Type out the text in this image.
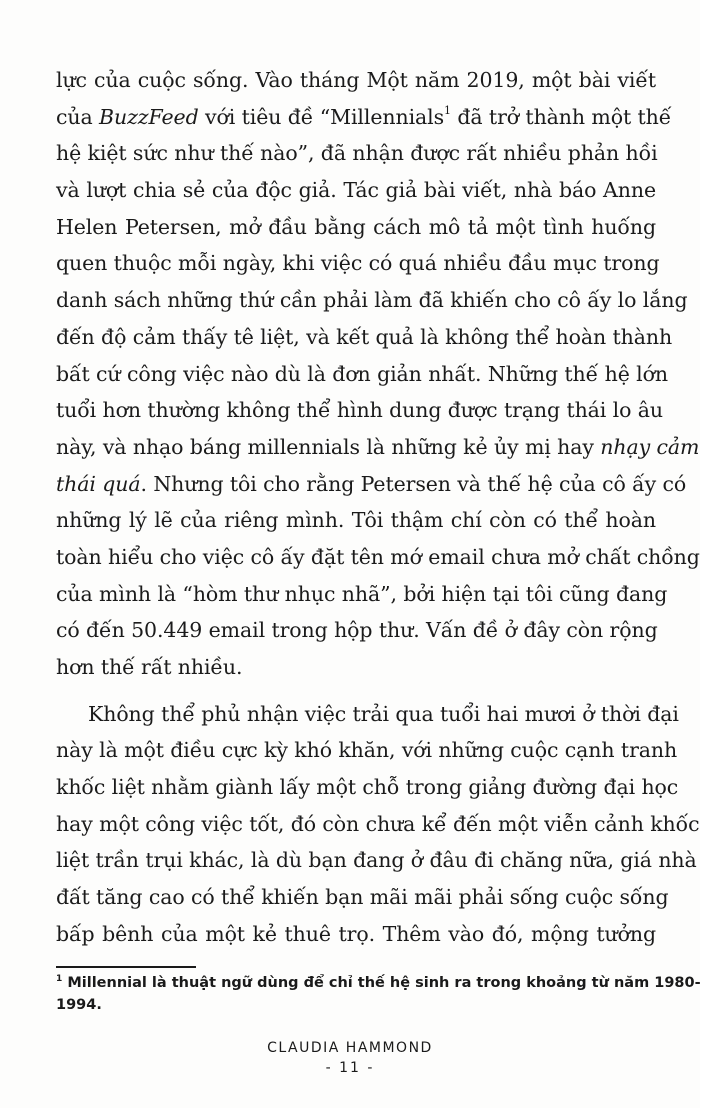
lực của cuộc sống. Vào tháng Một năm 2019, một bài viết
của BuzzFeed với tiêu đề “Millennials$^1$ đã trở thành một thế
hệ kiệt sức như thế nào”, đã nhận được rất nhiều phản hồi
và lượt chia sẻ của độc giả. Tác giả bài viết, nhà báo Anne
Helen Petersen, mở đầu bằng cách mô tả một tình huống
quen thuộc mỗi ngày, khi việc có quá nhiều đầu mục trong
danh sách những thứ cần phải làm đã khiến cho cô ấy lo lắng
đến độ cảm thấy tê liệt, và kết quả là không thể hoàn thành
bất cứ công việc nào dù là đơn giản nhất. Những thế hệ lớn
tuổi hơn thường không thể hình dung được trạng thái lo âu
này, và nhạo báng millennials là những kẻ ủy mị hay nhạy cảm
thái quá. Nhưng tôi cho rằng Petersen và thế hệ của cô ấy có
những lý lẽ của riêng mình. Tôi thậm chí còn có thể hoàn
toàn hiểu cho việc cô ấy đặt tên mớ email chưa mở chất chồng
của mình là “hòm thư nhục nhã”, bởi hiện tại tôi cũng đang
có đến 50.449 email trong hộp thư. Vấn đề ở đây còn rộng
hơn thế rất nhiều.
Không thể phủ nhận việc trải qua tuổi hai mươi ở thời đại
này là một điều cực kỳ khó khăn, với những cuộc cạnh tranh
khốc liệt nhằm giành lấy một chỗ trong giảng đường đại học
hay một công việc tốt, đó còn chưa kể đến một viễn cảnh khốc
liệt trần trụi khác, là dù bạn đang ở đâu đi chăng nữa, giá nhà
đất tăng cao có thể khiến bạn mãi mãi phải sống cuộc sống
bấp bênh của một kẻ thuê trọ. Thêm vào đó, mộng tưởng
$^1$ Millennial là thuật ngữ dùng để chỉ thế hệ sinh ra trong khoảng từ năm 1980-
1994.
CLAUDIA HAMMOND
- 11 -
